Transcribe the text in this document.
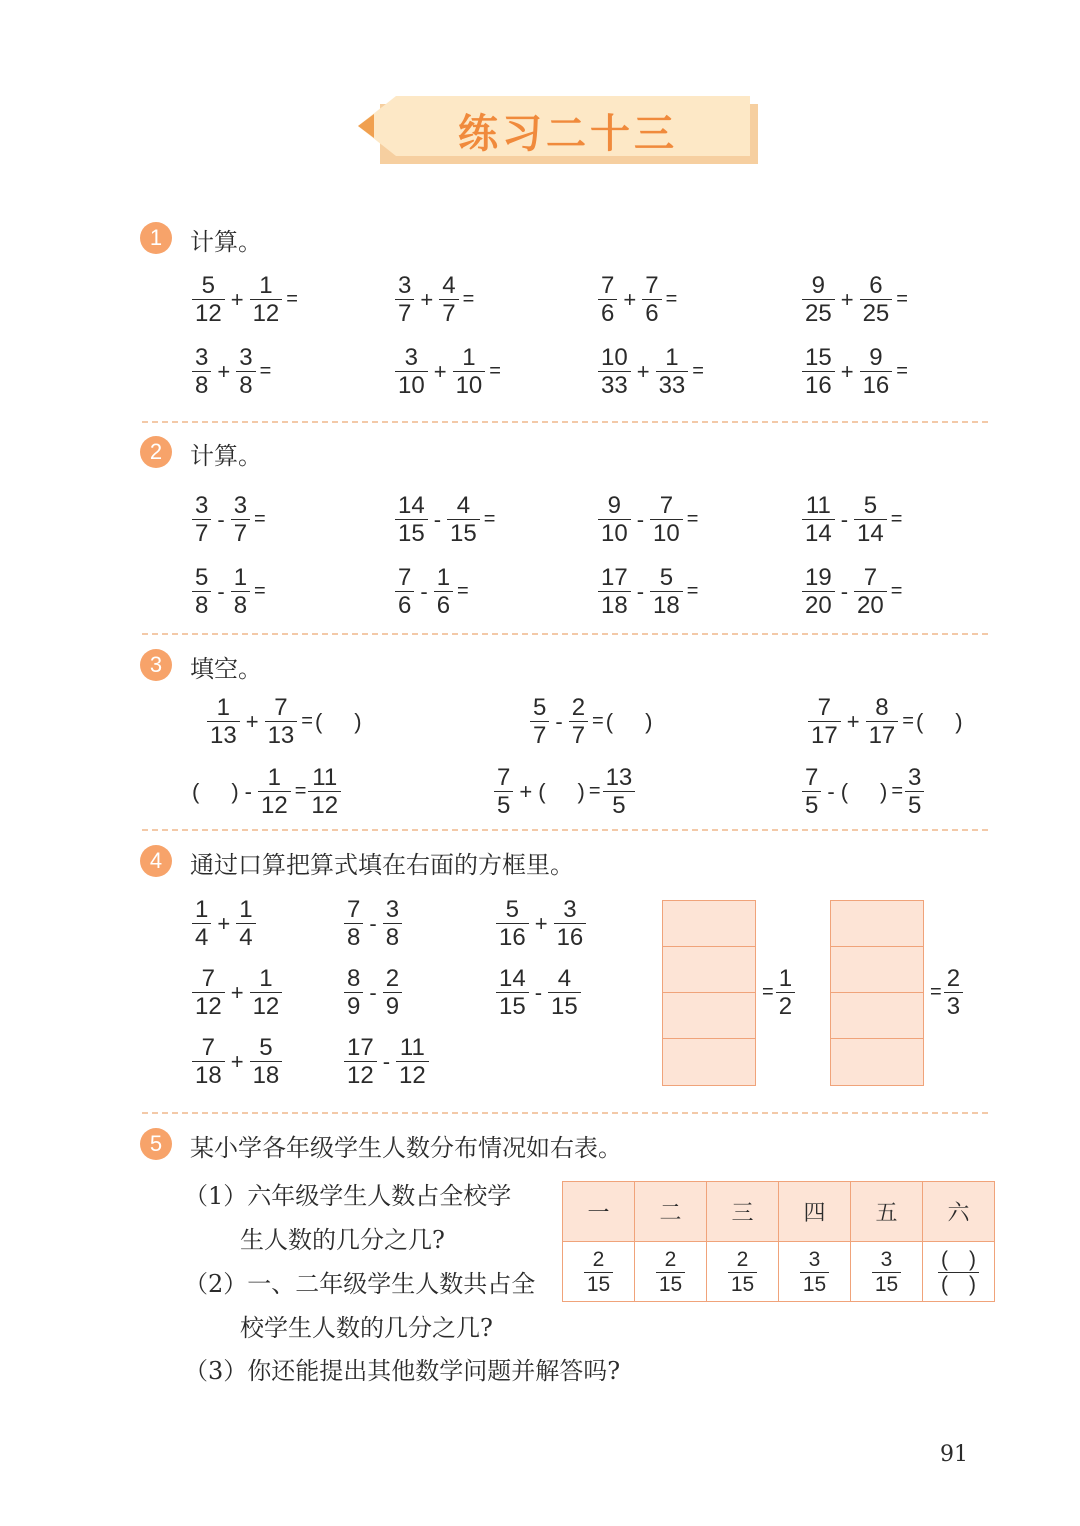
练习二十三
1	计算。
$\frac{5}{12} + \frac{1}{12}$ =	$\frac{3}{7} + \frac{4}{7}$ =	$\frac{7}{6} + \frac{7}{6}$ =	$\frac{9}{25} + \frac{6}{25}$ =
$\frac{3}{8} + \frac{3}{8}$ =	$\frac{3}{10} + \frac{1}{10}$ =	$\frac{10}{33} + \frac{1}{33}$ =	$\frac{15}{16} + \frac{9}{16}$ =
2	计算。
$\frac{3}{7} - \frac{3}{7}$ =	$\frac{14}{15} - \frac{4}{15}$ =	$\frac{9}{10} - \frac{7}{10}$ =	$\frac{11}{14} - \frac{5}{14}$ =
$\frac{5}{8} - \frac{1}{8}$ =	$\frac{7}{6} - \frac{1}{6}$ =	$\frac{17}{18} - \frac{5}{18}$ =	$\frac{19}{20} - \frac{7}{20}$ =
3	填空。
$\frac{1}{13} + \frac{7}{13}$ = ( )	$\frac{5}{7} - \frac{2}{7}$ = ( )	$\frac{7}{17} + \frac{8}{17}$ = ( )
( ) - $\frac{1}{12} = \frac{11}{12}$	$\frac{7}{5}$ + ( ) = $\frac{13}{5}$	$\frac{7}{5}$ - ( ) = $\frac{3}{5}$
4	通过口算把算式填在右面的方框里。
$\frac{1}{4} + \frac{1}{4}$	$\frac{7}{8} - \frac{3}{8}$	$\frac{5}{16} + \frac{3}{16}$
$\frac{7}{12} + \frac{1}{12}$	$\frac{8}{9} - \frac{2}{9}$	$\frac{14}{15} - \frac{4}{15}$
$\frac{7}{18} + \frac{5}{18}$	$\frac{17}{12} - \frac{11}{12}$
= $\frac{1}{2}$	= $\frac{2}{3}$
5	某小学各年级学生人数分布情况如右表。
（1）六年级学生人数占全校学
生人数的几分之几?
（2）一、二年级学生人数共占全
校学生人数的几分之几?
（3）你还能提出其他数学问题并解答吗?
一	二	三	四	五	六

$\frac{2}{15}$	$\frac{2}{15}$	$\frac{2}{15}$	$\frac{3}{15}$	$\frac{3}{15}$	$\frac{( )}{( )}$
91
